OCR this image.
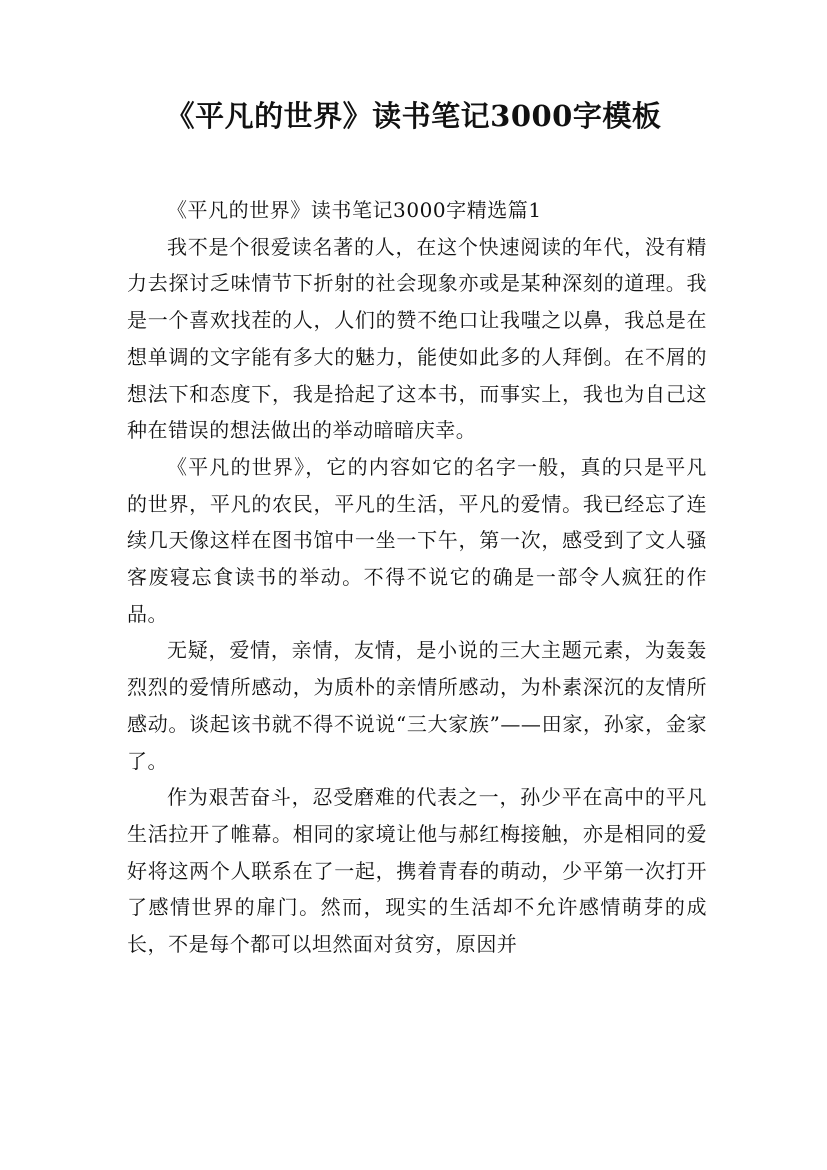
《平凡的世界》读书笔记3000字模板

《平凡的世界》读书笔记3000字精选篇1

我不是个很爱读名著的人，在这个快速阅读的年代，没有精力去探讨乏味情节下折射的社会现象亦或是某种深刻的道理。我是一个喜欢找茬的人，人们的赞不绝口让我嗤之以鼻，我总是在想单调的文字能有多大的魅力，能使如此多的人拜倒。在不屑的想法下和态度下，我是拾起了这本书，而事实上，我也为自己这种在错误的想法做出的举动暗暗庆幸。

《平凡的世界》，它的内容如它的名字一般，真的只是平凡的世界，平凡的农民，平凡的生活，平凡的爱情。我已经忘了连续几天像这样在图书馆中一坐一下午，第一次，感受到了文人骚客废寝忘食读书的举动。不得不说它的确是一部令人疯狂的作品。

无疑，爱情，亲情，友情，是小说的三大主题元素，为轰轰烈烈的爱情所感动，为质朴的亲情所感动，为朴素深沉的友情所感动。谈起该书就不得不说说“三大家族”——田家，孙家，金家了。

作为艰苦奋斗，忍受磨难的代表之一，孙少平在高中的平凡生活拉开了帷幕。相同的家境让他与郝红梅接触，亦是相同的爱好将这两个人联系在了一起，携着青春的萌动，少平第一次打开了感情世界的扉门。然而，现实的生活却不允许感情萌芽的成长，不是每个都可以坦然面对贫穷，原因并
